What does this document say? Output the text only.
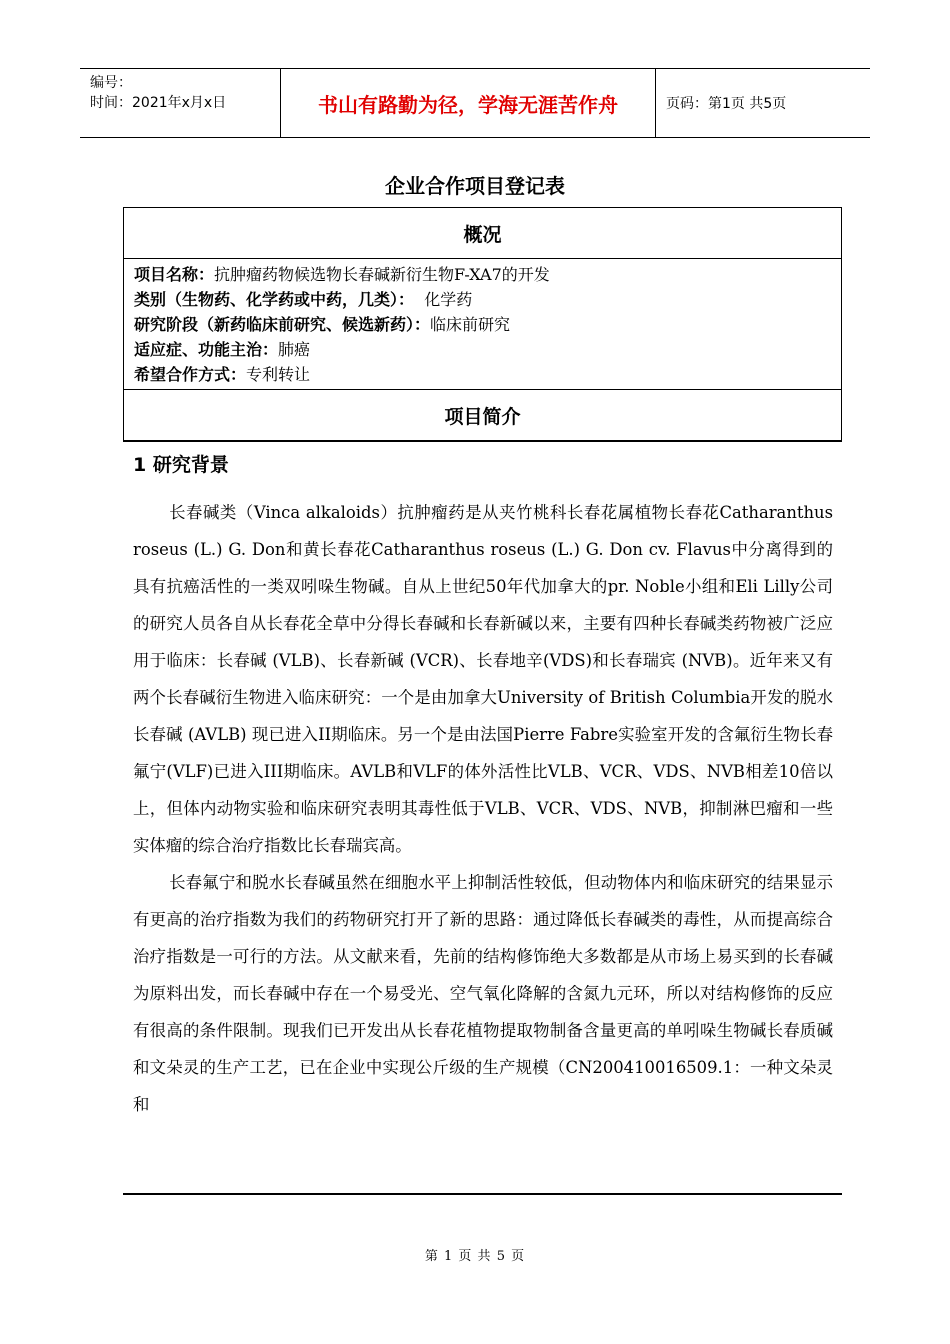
编号：
时间：2021年x月x日	书山有路勤为径，学海无涯苦作舟	页码：第1页 共5页
企业合作项目登记表
概况
项目名称：抗肿瘤药物候选物长春碱新衍生物F-XA7的开发
类别（生物药、化学药或中药，几类）：  化学药
研究阶段（新药临床前研究、候选新药）：临床前研究
适应症、功能主治：肺癌
希望合作方式：专利转让
项目简介
1 研究背景

长春碱类（Vinca alkaloids）抗肿瘤药是从夹竹桃科长春花属植物长春花Catharanthus roseus (L.) G. Don和黄长春花Catharanthus roseus (L.) G. Don cv. Flavus中分离得到的具有抗癌活性的一类双吲哚生物碱。自从上世纪50年代加拿大的pr. Noble小组和Eli Lilly公司的研究人员各自从长春花全草中分得长春碱和长春新碱以来，主要有四种长春碱类药物被广泛应用于临床：长春碱 (VLB)、长春新碱 (VCR)、长春地辛(VDS)和长春瑞宾 (NVB)。近年来又有两个长春碱衍生物进入临床研究：一个是由加拿大University of British Columbia开发的脱水长春碱 (AVLB) 现已进入II期临床。另一个是由法国Pierre Fabre实验室开发的含氟衍生物长春氟宁(VLF)已进入III期临床。AVLB和VLF的体外活性比VLB、VCR、VDS、NVB相差10倍以上，但体内动物实验和临床研究表明其毒性低于VLB、VCR、VDS、NVB，抑制淋巴瘤和一些实体瘤的综合治疗指数比长春瑞宾高。

长春氟宁和脱水长春碱虽然在细胞水平上抑制活性较低，但动物体内和临床研究的结果显示有更高的治疗指数为我们的药物研究打开了新的思路：通过降低长春碱类的毒性，从而提高综合治疗指数是一可行的方法。从文献来看，先前的结构修饰绝大多数都是从市场上易买到的长春碱为原料出发，而长春碱中存在一个易受光、空气氧化降解的含氮九元环，所以对结构修饰的反应有很高的条件限制。现我们已开发出从长春花植物提取物制备含量更高的单吲哚生物碱长春质碱和文朵灵的生产工艺，已在企业中实现公斤级的生产规模（CN200410016509.1：一种文朵灵和

第 1 页 共 5 页
